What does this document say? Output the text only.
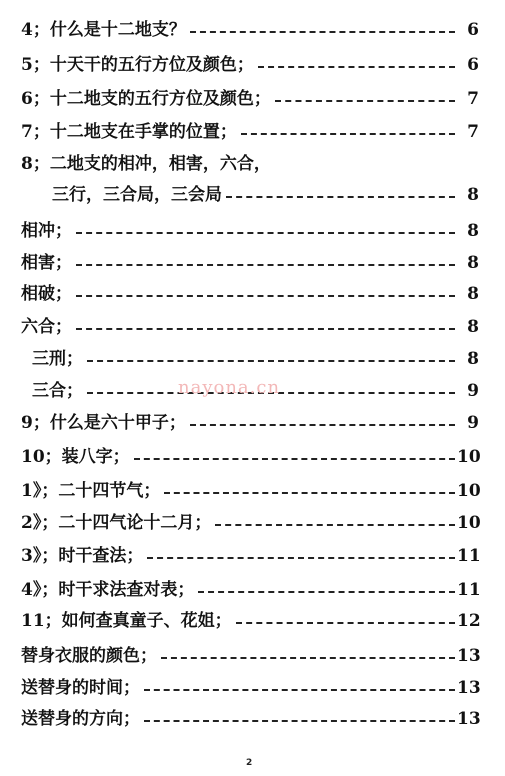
4；什么是十二地支？	6
5；十天干的五行方位及颜色；	6
6；十二地支的五行方位及颜色；	7
7；十二地支在手掌的位置；	7
8；二地支的相冲，相害，六合，
三行，三合局，三会局	8
相冲；	8
相害；	8
相破；	8
六合；	8
三刑；	8
三合；	9
9；什么是六十甲子；	9
10；装八字；	10
1》；二十四节气；	10
2》；二十四气论十二月；	10
3》；时干查法；	11
4》；时干求法查对表；	11
11；如何查真童子、花姐；	12
替身衣服的颜色；	13
送替身的时间；	13
送替身的方向；	13
nayona.cn
2
